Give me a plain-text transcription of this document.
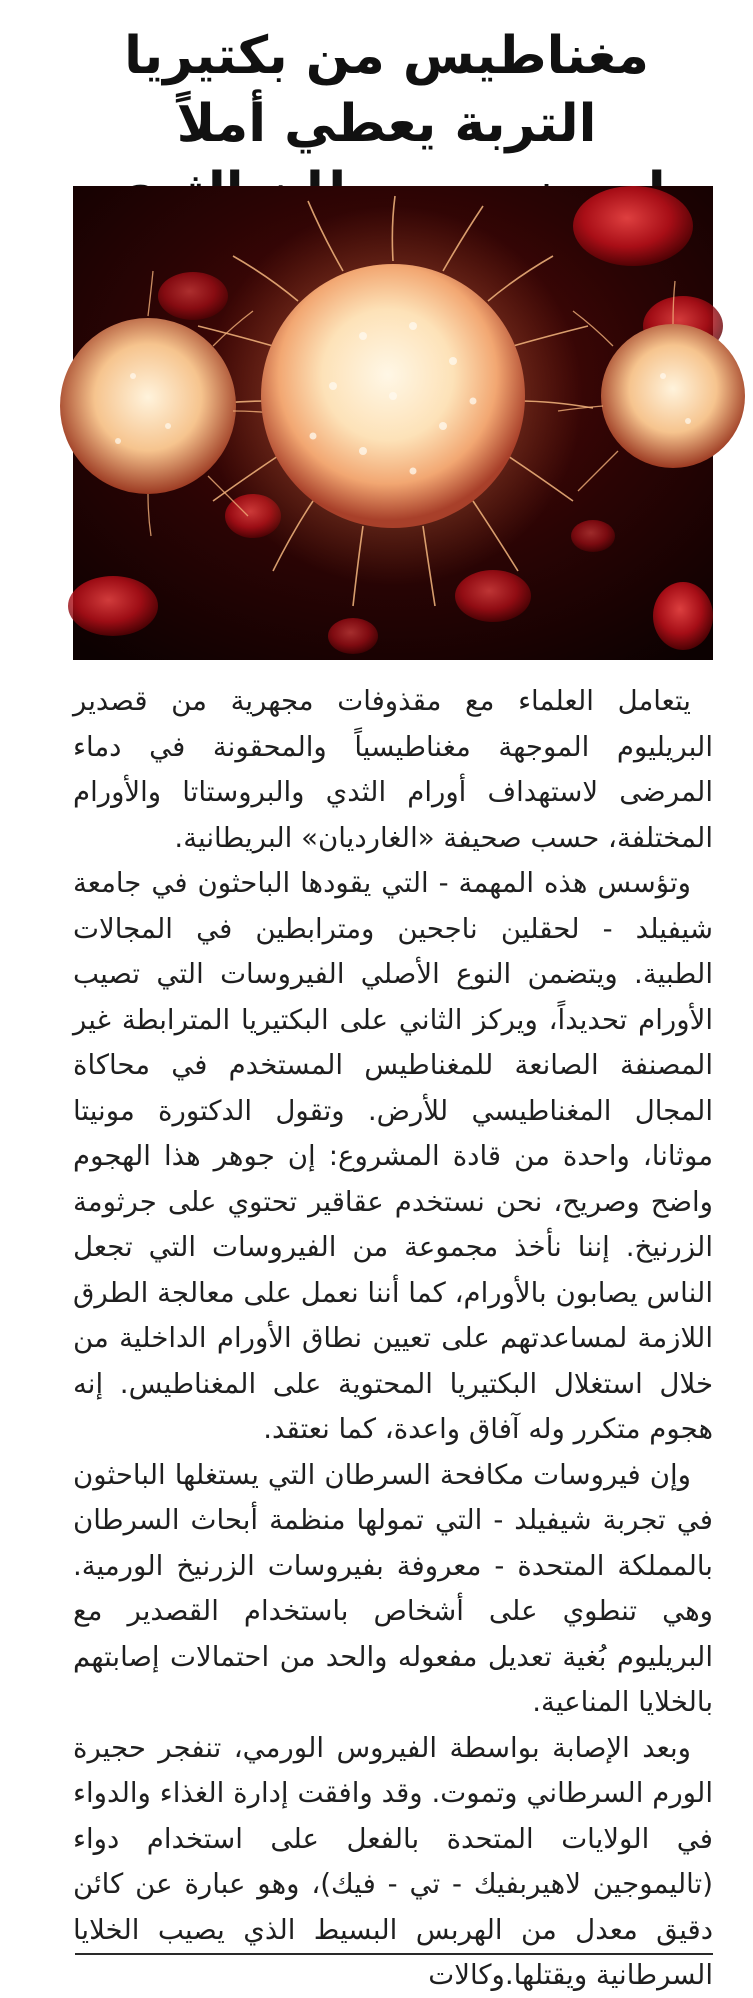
مغناطيس من بكتيريا التربة يعطي أملاً

يتعامل العلماء مع مقذوفات مجهرية من قصدير البريليوم الموجهة مغناطيسياً والمحقونة في دماء المرضى لاستهداف أورام الثدي والبروستاتا والأورام المختلفة، حسب صحيفة «الغارديان» البريطانية.

وتؤسس هذه المهمة - التي يقودها الباحثون في جامعة شيفيلد - لحقلين ناجحين ومترابطين في المجالات الطبية. ويتضمن النوع الأصلي الفيروسات التي تصيب الأورام تحديداً، ويركز الثاني على البكتيريا المترابطة غير المصنفة الصانعة للمغناطيس المستخدم في محاكاة المجال المغناطيسي للأرض. وتقول الدكتورة مونيتا موثانا، واحدة من قادة المشروع: إن جوهر هذا الهجوم واضح وصريح، نحن نستخدم عقاقير تحتوي على جرثومة الزرنيخ. إننا نأخذ مجموعة من الفيروسات التي تجعل الناس يصابون بالأورام، كما أننا نعمل على معالجة الطرق اللازمة لمساعدتهم على تعيين نطاق الأورام الداخلية من خلال استغلال البكتيريا المحتوية على المغناطيس. إنه هجوم متكرر وله آفاق واعدة، كما نعتقد.

وإن فيروسات مكافحة السرطان التي يستغلها الباحثون في تجربة شيفيلد - التي تمولها منظمة أبحاث السرطان بالمملكة المتحدة - معروفة بفيروسات الزرنيخ الورمية. وهي تنطوي على أشخاص باستخدام القصدير مع البريليوم بُغية تعديل مفعوله والحد من احتمالات إصابتهم بالخلايا المناعية.

وبعد الإصابة بواسطة الفيروس الورمي، تنفجر حجيرة الورم السرطاني وتموت. وقد وافقت إدارة الغذاء والدواء في الولايات المتحدة بالفعل على استخدام دواء (تاليموجين لاهيربفيك - تي - فيك)، وهو عبارة عن كائن دقيق معدل من الهربس البسيط الذي يصيب الخلايا السرطانية ويقتلها.وكالات
